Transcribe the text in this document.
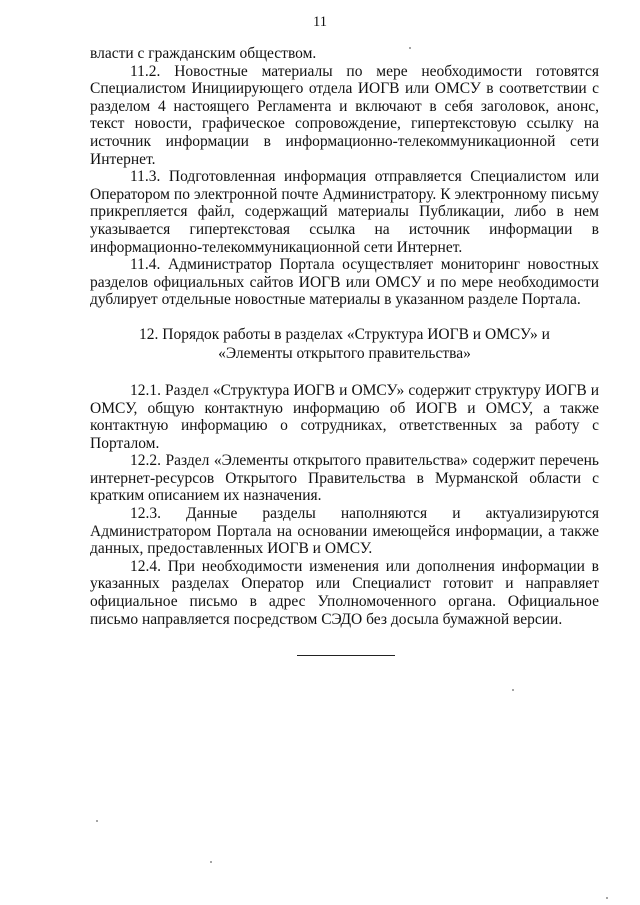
11

власти с гражданским обществом.

11.2. Новостные материалы по мере необходимости готовятся Специалистом Инициирующего отдела ИОГВ или ОМСУ в соответствии с разделом 4 настоящего Регламента и включают в себя заголовок, анонс, текст новости, графическое сопровождение, гипертекстовую ссылку на источник информации в информационно-телекоммуникационной сети Интернет.

11.3. Подготовленная информация отправляется Специалистом или Оператором по электронной почте Администратору. К электронному письму прикрепляется файл, содержащий материалы Публикации, либо в нем указывается гипертекстовая ссылка на источник информации в информационно-телекоммуникационной сети Интернет.

11.4. Администратор Портала осуществляет мониторинг новостных разделов официальных сайтов ИОГВ или ОМСУ и по мере необходимости дублирует отдельные новостные материалы в указанном разделе Портала.

12. Порядок работы в разделах «Структура ИОГВ и ОМСУ» и
«Элементы открытого правительства»

12.1. Раздел «Структура ИОГВ и ОМСУ» содержит структуру ИОГВ и ОМСУ, общую контактную информацию об ИОГВ и ОМСУ, а также контактную информацию о сотрудниках, ответственных за работу с Порталом.

12.2. Раздел «Элементы открытого правительства» содержит перечень интернет-ресурсов Открытого Правительства в Мурманской области с кратким описанием их назначения.

12.3. Данные разделы наполняются и актуализируются Администратором Портала на основании имеющейся информации, а также данных, предоставленных ИОГВ и ОМСУ.

12.4. При необходимости изменения или дополнения информации в указанных разделах Оператор или Специалист готовит и направляет официальное письмо в адрес Уполномоченного органа. Официальное письмо направляется посредством СЭДО без досыла бумажной версии.
